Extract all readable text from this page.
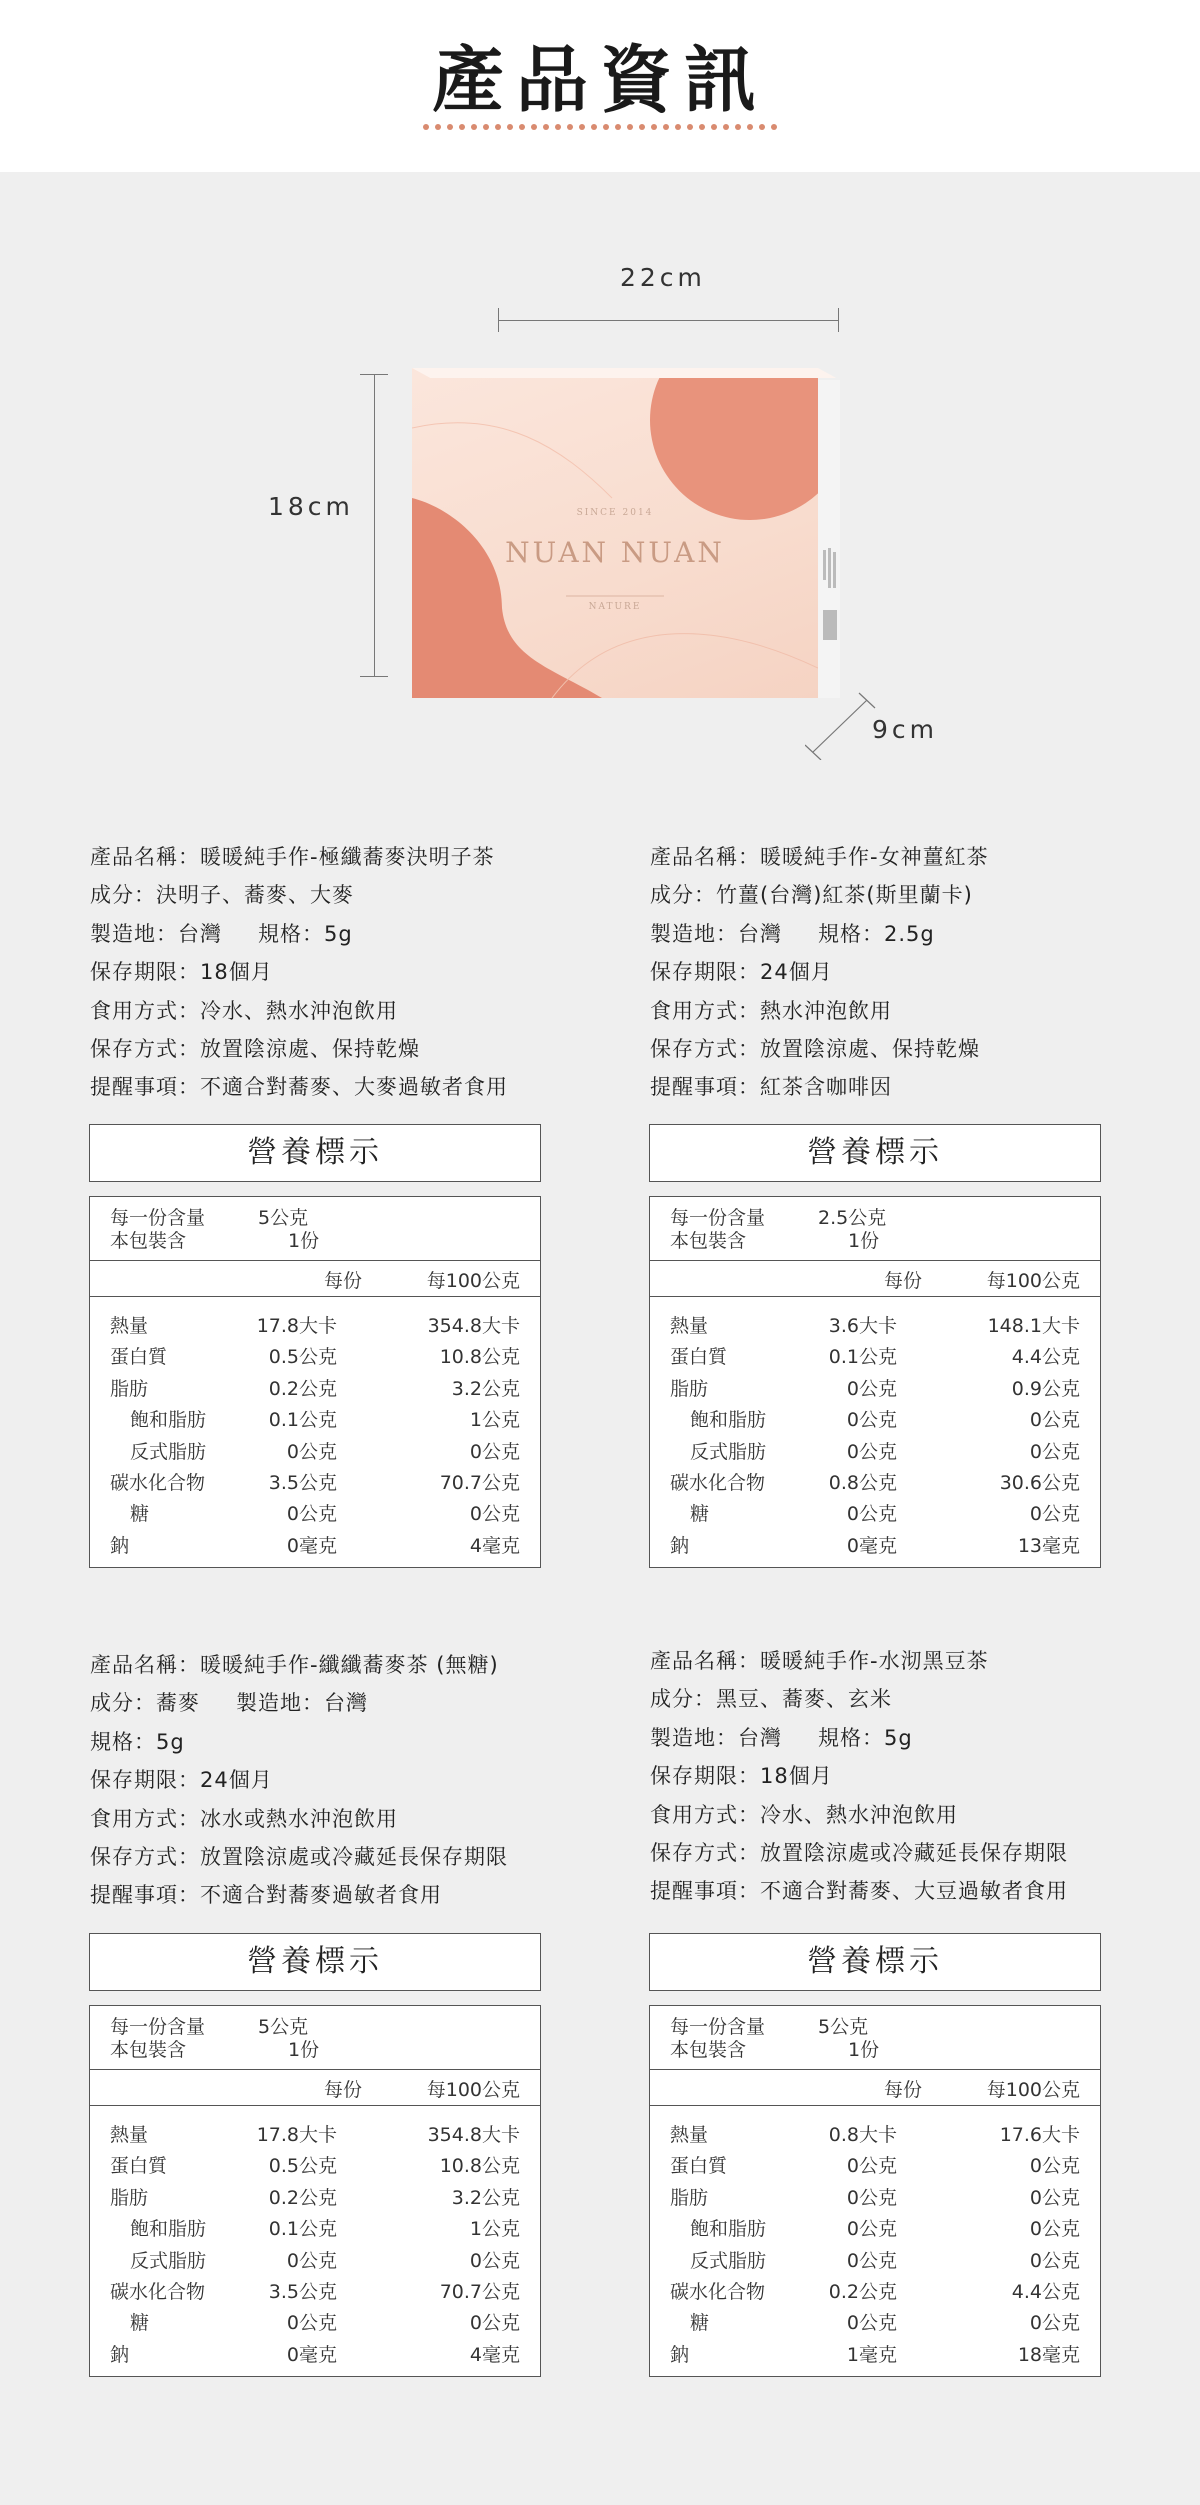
產品資訊
22cm
18cm
9cm
SINCE 2014
NUAN NUAN
NATURE
產品名稱：暖暖純手作-極纖蕎麥決明子茶
成分：決明子、蕎麥、大麥
製造地：台灣 規格：5g
保存期限：18個月
食用方式：冷水、熱水沖泡飲用
保存方式：放置陰涼處、保持乾燥
提醒事項：不適合對蕎麥、大麥過敏者食用
產品名稱：暖暖純手作-女神薑紅茶
成分：竹薑(台灣)紅茶(斯里蘭卡)
製造地：台灣 規格：2.5g
保存期限：24個月
食用方式：熱水沖泡飲用
保存方式：放置陰涼處、保持乾燥
提醒事項：紅茶含咖啡因
產品名稱：暖暖純手作-纖纖蕎麥茶 (無糖)
成分：蕎麥 製造地：台灣
規格：5g
保存期限：24個月
食用方式：冰水或熱水沖泡飲用
保存方式：放置陰涼處或冷藏延長保存期限
提醒事項：不適合對蕎麥過敏者食用
產品名稱：暖暖純手作-水沏黑豆茶
成分：黑豆、蕎麥、玄米
製造地：台灣 規格：5g
保存期限：18個月
食用方式：冷水、熱水沖泡飲用
保存方式：放置陰涼處或冷藏延長保存期限
提醒事項：不適合對蕎麥、大豆過敏者食用
營養標示
每一份含量	5公克
本包裝含	1份
每份	每100公克
熱量	17.8大卡	354.8大卡
蛋白質	0.5公克	10.8公克
脂肪	0.2公克	3.2公克
飽和脂肪	0.1公克	1公克
反式脂肪	0公克	0公克
碳水化合物	3.5公克	70.7公克
糖	0公克	0公克
鈉	0毫克	4毫克
營養標示
每一份含量	2.5公克
本包裝含	1份
每份	每100公克
熱量	3.6大卡	148.1大卡
蛋白質	0.1公克	4.4公克
脂肪	0公克	0.9公克
飽和脂肪	0公克	0公克
反式脂肪	0公克	0公克
碳水化合物	0.8公克	30.6公克
糖	0公克	0公克
鈉	0毫克	13毫克
營養標示
每一份含量	5公克
本包裝含	1份
每份	每100公克
熱量	17.8大卡	354.8大卡
蛋白質	0.5公克	10.8公克
脂肪	0.2公克	3.2公克
飽和脂肪	0.1公克	1公克
反式脂肪	0公克	0公克
碳水化合物	3.5公克	70.7公克
糖	0公克	0公克
鈉	0毫克	4毫克
營養標示
每一份含量	5公克
本包裝含	1份
每份	每100公克
熱量	0.8大卡	17.6大卡
蛋白質	0公克	0公克
脂肪	0公克	0公克
飽和脂肪	0公克	0公克
反式脂肪	0公克	0公克
碳水化合物	0.2公克	4.4公克
糖	0公克	0公克
鈉	1毫克	18毫克
